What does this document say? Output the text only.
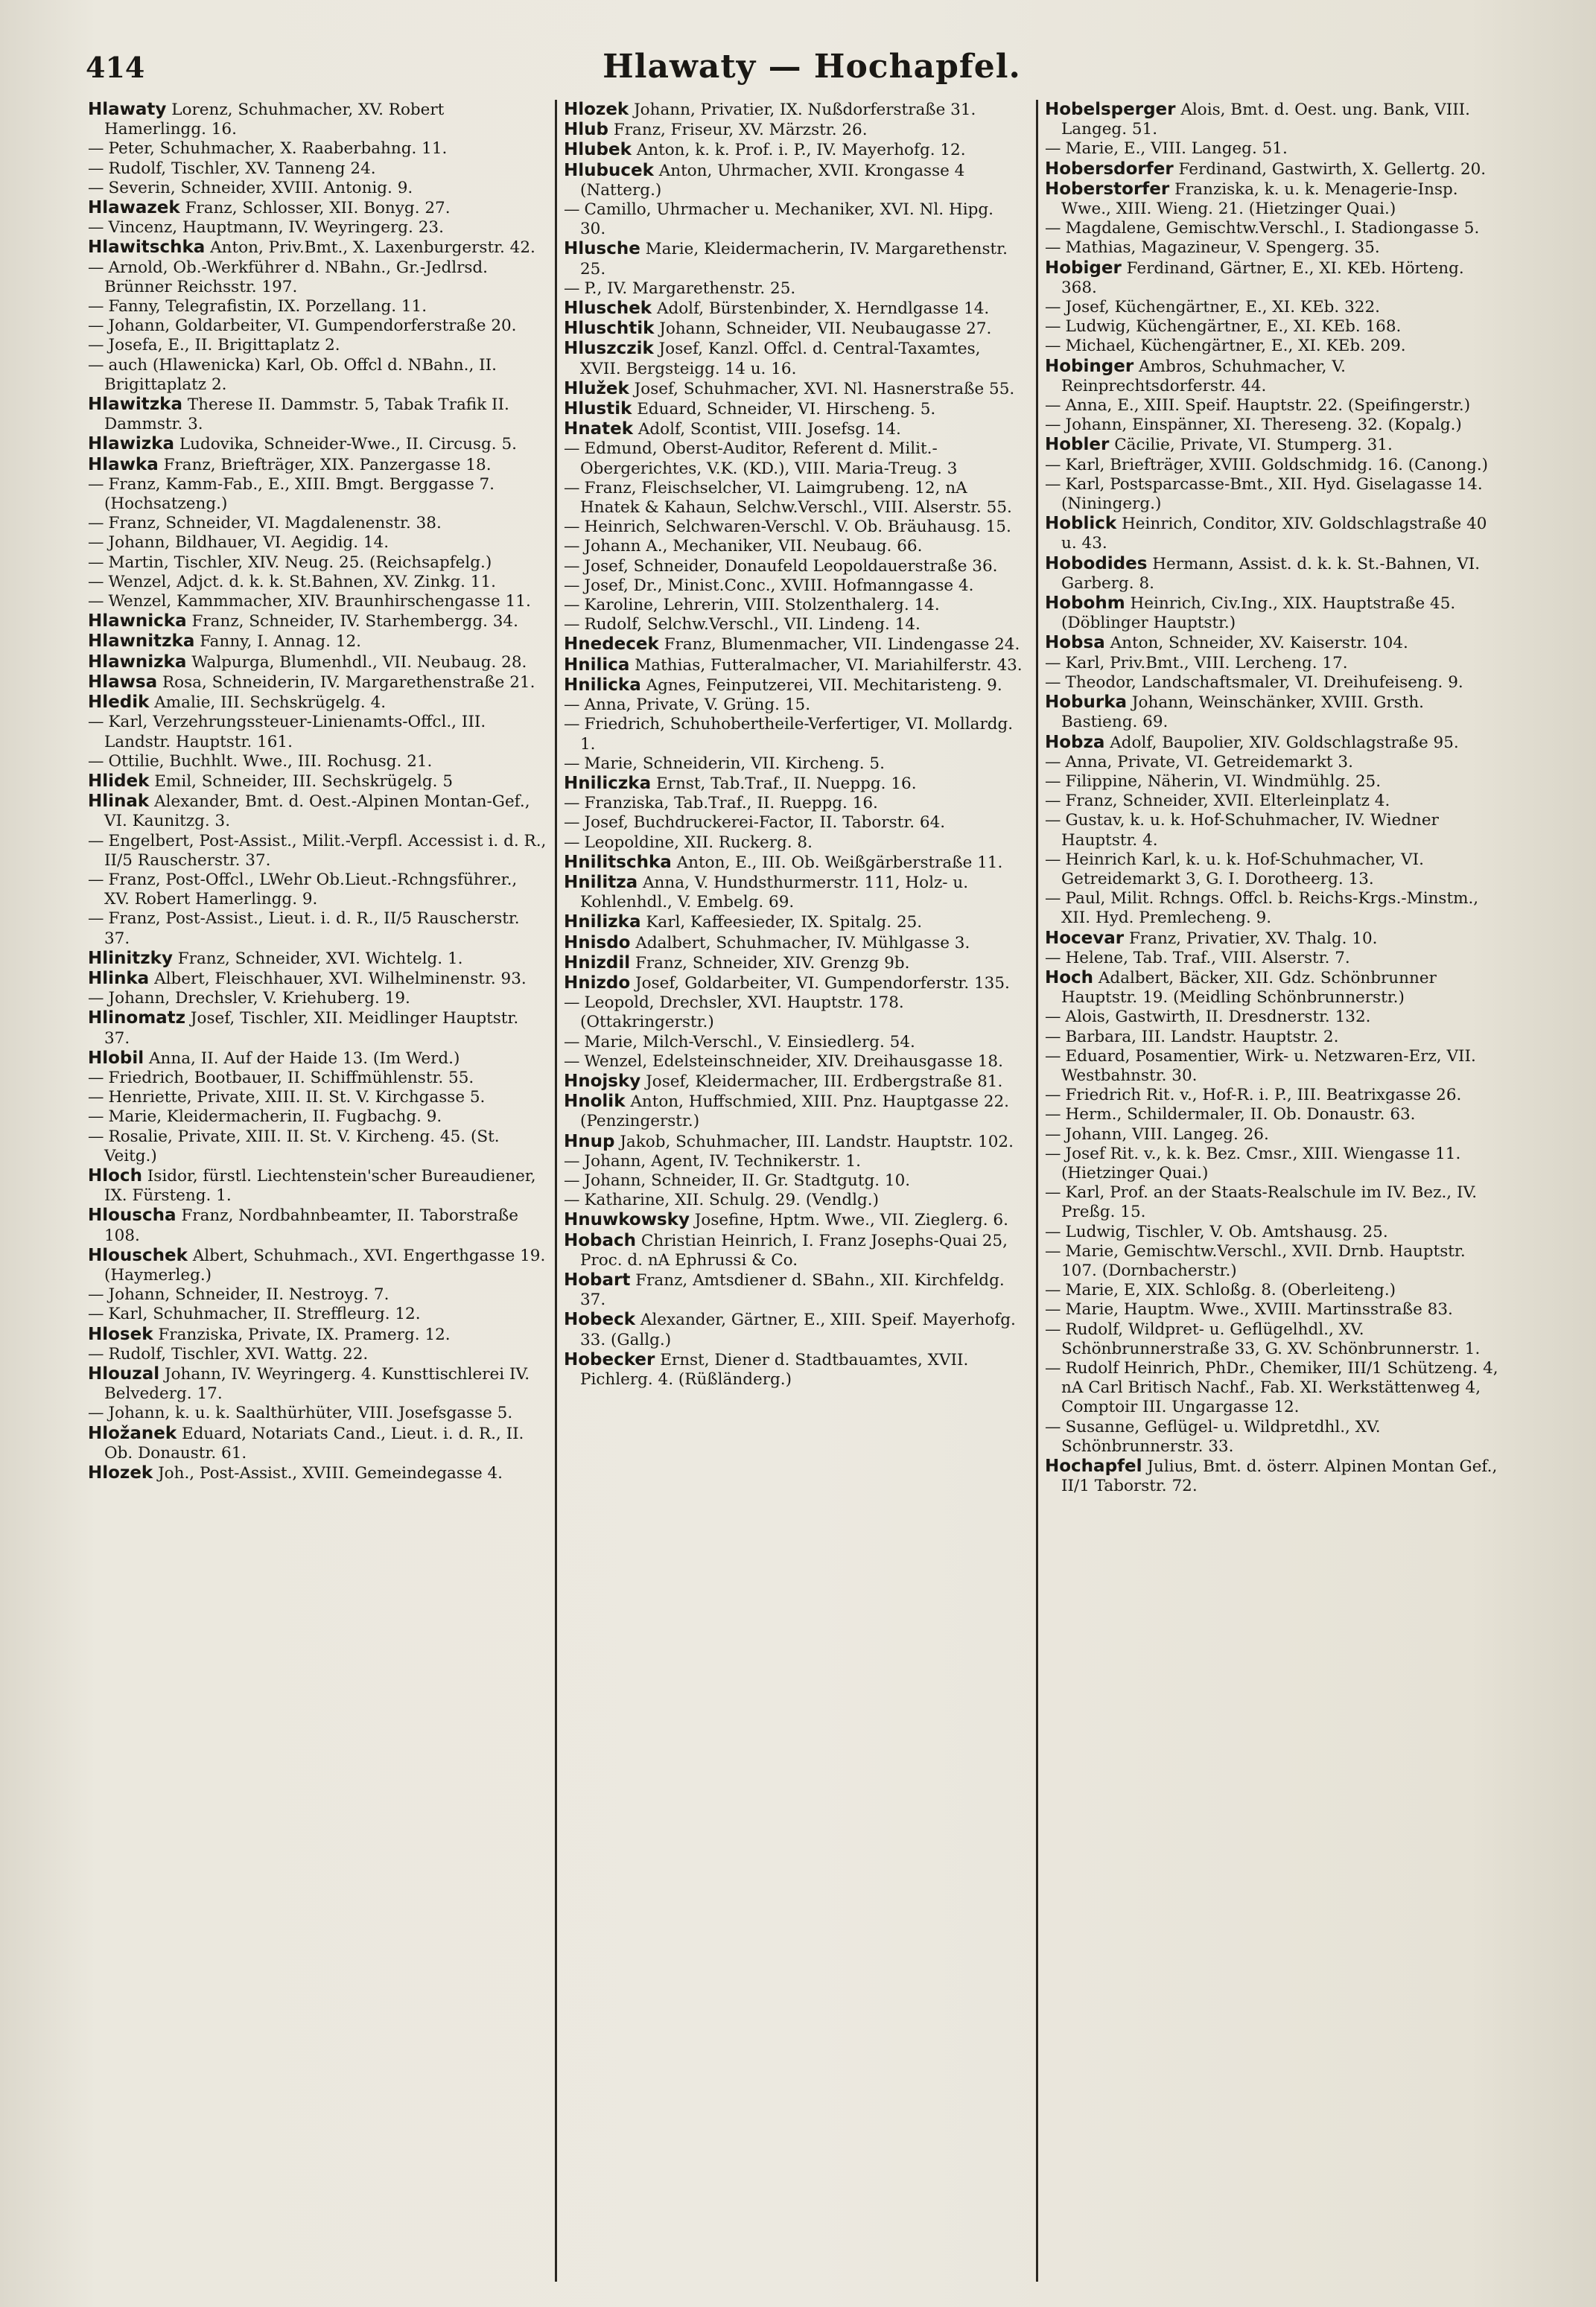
414	Hlawaty — Hochapfel.

Hlawaty Lorenz, Schuhmacher, XV. Robert Hamerlingg. 16.

— Peter, Schuhmacher, X. Raaberbahng. 11.

— Rudolf, Tischler, XV. Tanneng 24.

— Severin, Schneider, XVIII. Antonig. 9.

Hlawazek Franz, Schlosser, XII. Bonyg. 27.

— Vincenz, Hauptmann, IV. Weyringerg. 23.

Hlawitschka Anton, Priv.Bmt., X. Laxenburgerstr. 42.

— Arnold, Ob.-Werkführer d. NBahn., Gr.-Jedlrsd. Brünner Reichsstr. 197.

— Fanny, Telegrafistin, IX. Porzellang. 11.

— Johann, Goldarbeiter, VI. Gumpendorferstraße 20.

— Josefa, E., II. Brigittaplatz 2.

— auch (Hlawenicka) Karl, Ob. Offcl d. NBahn., II. Brigittaplatz 2.

Hlawitzka Therese II. Dammstr. 5, Tabak Trafik II. Dammstr. 3.

Hlawizka Ludovika, Schneider-Wwe., II. Circusg. 5.

Hlawka Franz, Briefträger, XIX. Panzergasse 18.

— Franz, Kamm-Fab., E., XIII. Bmgt. Berggasse 7. (Hochsatzeng.)

— Franz, Schneider, VI. Magdalenenstr. 38.

— Johann, Bildhauer, VI. Aegidig. 14.

— Martin, Tischler, XIV. Neug. 25. (Reichsapfelg.)

— Wenzel, Adjct. d. k. k. St.Bahnen, XV. Zinkg. 11.

— Wenzel, Kammmacher, XIV. Braunhirschengasse 11.

Hlawnicka Franz, Schneider, IV. Starhembergg. 34.

Hlawnitzka Fanny, I. Annag. 12.

Hlawnizka Walpurga, Blumenhdl., VII. Neubaug. 28.

Hlawsa Rosa, Schneiderin, IV. Margarethenstraße 21.

Hledik Amalie, III. Sechskrügelg. 4.

— Karl, Verzehrungssteuer-Linienamts-Offcl., III. Landstr. Hauptstr. 161.

— Ottilie, Buchhlt. Wwe., III. Rochusg. 21.

Hlidek Emil, Schneider, III. Sechskrügelg. 5

Hlinak Alexander, Bmt. d. Oest.-Alpinen Montan-Gef., VI. Kaunitzg. 3.

— Engelbert, Post-Assist., Milit.-Verpfl. Accessist i. d. R., II/5 Rauscherstr. 37.

— Franz, Post-Offcl., LWehr Ob.Lieut.-Rchngsführer., XV. Robert Hamerlingg. 9.

— Franz, Post-Assist., Lieut. i. d. R., II/5 Rauscherstr. 37.

Hlinitzky Franz, Schneider, XVI. Wichtelg. 1.

Hlinka Albert, Fleischhauer, XVI. Wilhelminenstr. 93.

— Johann, Drechsler, V. Kriehuberg. 19.

Hlinomatz Josef, Tischler, XII. Meidlinger Hauptstr. 37.

Hlobil Anna, II. Auf der Haide 13. (Im Werd.)

— Friedrich, Bootbauer, II. Schiffmühlenstr. 55.

— Henriette, Private, XIII. II. St. V. Kirchgasse 5.

— Marie, Kleidermacherin, II. Fugbachg. 9.

— Rosalie, Private, XIII. II. St. V. Kircheng. 45. (St. Veitg.)

Hloch Isidor, fürstl. Liechtenstein'scher Bureaudiener, IX. Fürsteng. 1.

Hlouscha Franz, Nordbahnbeamter, II. Taborstraße 108.

Hlouschek Albert, Schuhmach., XVI. Engerthgasse 19. (Haymerleg.)

— Johann, Schneider, II. Nestroyg. 7.

— Karl, Schuhmacher, II. Streffleurg. 12.

Hlosek Franziska, Private, IX. Pramerg. 12.

— Rudolf, Tischler, XVI. Wattg. 22.

Hlouzal Johann, IV. Weyringerg. 4. Kunsttischlerei IV. Belvederg. 17.

— Johann, k. u. k. Saalthürhüter, VIII. Josefsgasse 5.

Hložanek Eduard, Notariats Cand., Lieut. i. d. R., II. Ob. Donaustr. 61.

Hlozek Joh., Post-Assist., XVIII. Gemeindegasse 4.

Hlozek Johann, Privatier, IX. Nußdorferstraße 31.

Hlub Franz, Friseur, XV. Märzstr. 26.

Hlubek Anton, k. k. Prof. i. P., IV. Mayerhofg. 12.

Hlubucek Anton, Uhrmacher, XVII. Krongasse 4 (Natterg.)

— Camillo, Uhrmacher u. Mechaniker, XVI. Nl. Hipg. 30.

Hlusche Marie, Kleidermacherin, IV. Margarethenstr. 25.

— P., IV. Margarethenstr. 25.

Hluschek Adolf, Bürstenbinder, X. Herndlgasse 14.

Hluschtik Johann, Schneider, VII. Neubaugasse 27.

Hluszczik Josef, Kanzl. Offcl. d. Central-Taxamtes, XVII. Bergsteigg. 14 u. 16.

Hlužek Josef, Schuhmacher, XVI. Nl. Hasnerstraße 55.

Hlustik Eduard, Schneider, VI. Hirscheng. 5.

Hnatek Adolf, Scontist, VIII. Josefsg. 14.

— Edmund, Oberst-Auditor, Referent d. Milit.-Obergerichtes, V.K. (KD.), VIII. Maria-Treug. 3

— Franz, Fleischselcher, VI. Laimgrubeng. 12, nA Hnatek & Kahaun, Selchw.Verschl., VIII. Alserstr. 55.

— Heinrich, Selchwaren-Verschl. V. Ob. Bräuhausg. 15.

— Johann A., Mechaniker, VII. Neubaug. 66.

— Josef, Schneider, Donaufeld Leopoldauerstraße 36.

— Josef, Dr., Minist.Conc., XVIII. Hofmanngasse 4.

— Karoline, Lehrerin, VIII. Stolzenthalerg. 14.

— Rudolf, Selchw.Verschl., VII. Lindeng. 14.

Hnedecek Franz, Blumenmacher, VII. Lindengasse 24.

Hnilica Mathias, Futteralmacher, VI. Mariahilferstr. 43.

Hnilicka Agnes, Feinputzerei, VII. Mechitaristeng. 9.

— Anna, Private, V. Grüng. 15.

— Friedrich, Schuhobertheile-Verfertiger, VI. Mollardg. 1.

— Marie, Schneiderin, VII. Kircheng. 5.

Hniliczka Ernst, Tab.Traf., II. Nueppg. 16.

— Franziska, Tab.Traf., II. Rueppg. 16.

— Josef, Buchdruckerei-Factor, II. Taborstr. 64.

— Leopoldine, XII. Ruckerg. 8.

Hnilitschka Anton, E., III. Ob. Weißgärberstraße 11.

Hnilitza Anna, V. Hundsthurmerstr. 111, Holz- u. Kohlenhdl., V. Embelg. 69.

Hnilizka Karl, Kaffeesieder, IX. Spitalg. 25.

Hnisdo Adalbert, Schuhmacher, IV. Mühlgasse 3.

Hnizdil Franz, Schneider, XIV. Grenzg 9b.

Hnizdo Josef, Goldarbeiter, VI. Gumpendorferstr. 135.

— Leopold, Drechsler, XVI. Hauptstr. 178. (Ottakringerstr.)

— Marie, Milch-Verschl., V. Einsiedlerg. 54.

— Wenzel, Edelsteinschneider, XIV. Dreihausgasse 18.

Hnojsky Josef, Kleidermacher, III. Erdbergstraße 81.

Hnolik Anton, Huffschmied, XIII. Pnz. Hauptgasse 22. (Penzingerstr.)

Hnup Jakob, Schuhmacher, III. Landstr. Hauptstr. 102.

— Johann, Agent, IV. Technikerstr. 1.

— Johann, Schneider, II. Gr. Stadtgutg. 10.

— Katharine, XII. Schulg. 29. (Vendlg.)

Hnuwkowsky Josefine, Hptm. Wwe., VII. Zieglerg. 6.

Hobach Christian Heinrich, I. Franz Josephs-Quai 25, Proc. d. nA Ephrussi & Co.

Hobart Franz, Amtsdiener d. SBahn., XII. Kirchfeldg. 37.

Hobeck Alexander, Gärtner, E., XIII. Speif. Mayerhofg. 33. (Gallg.)

Hobecker Ernst, Diener d. Stadtbauamtes, XVII. Pichlerg. 4. (Rüßländerg.)

Hobelsperger Alois, Bmt. d. Oest. ung. Bank, VIII. Langeg. 51.

— Marie, E., VIII. Langeg. 51.

Hobersdorfer Ferdinand, Gastwirth, X. Gellertg. 20.

Hoberstorfer Franziska, k. u. k. Menagerie-Insp. Wwe., XIII. Wieng. 21. (Hietzinger Quai.)

— Magdalene, Gemischtw.Verschl., I. Stadiongasse 5.

— Mathias, Magazineur, V. Spengerg. 35.

Hobiger Ferdinand, Gärtner, E., XI. KEb. Hörteng. 368.

— Josef, Küchengärtner, E., XI. KEb. 322.

— Ludwig, Küchengärtner, E., XI. KEb. 168.

— Michael, Küchengärtner, E., XI. KEb. 209.

Hobinger Ambros, Schuhmacher, V. Reinprechtsdorferstr. 44.

— Anna, E., XIII. Speif. Hauptstr. 22. (Speifingerstr.)

— Johann, Einspänner, XI. Thereseng. 32. (Kopalg.)

Hobler Cäcilie, Private, VI. Stumperg. 31.

— Karl, Briefträger, XVIII. Goldschmidg. 16. (Canong.)

— Karl, Postsparcasse-Bmt., XII. Hyd. Giselagasse 14. (Niningerg.)

Hoblick Heinrich, Conditor, XIV. Goldschlagstraße 40 u. 43.

Hobodides Hermann, Assist. d. k. k. St.-Bahnen, VI. Garberg. 8.

Hobohm Heinrich, Civ.Ing., XIX. Hauptstraße 45. (Döblinger Hauptstr.)

Hobsa Anton, Schneider, XV. Kaiserstr. 104.

— Karl, Priv.Bmt., VIII. Lercheng. 17.

— Theodor, Landschaftsmaler, VI. Dreihufeiseng. 9.

Hoburka Johann, Weinschänker, XVIII. Grsth. Bastieng. 69.

Hobza Adolf, Baupolier, XIV. Goldschlagstraße 95.

— Anna, Private, VI. Getreidemarkt 3.

— Filippine, Näherin, VI. Windmühlg. 25.

— Franz, Schneider, XVII. Elterleinplatz 4.

— Gustav, k. u. k. Hof-Schuhmacher, IV. Wiedner Hauptstr. 4.

— Heinrich Karl, k. u. k. Hof-Schuhmacher, VI. Getreidemarkt 3, G. I. Dorotheerg. 13.

— Paul, Milit. Rchngs. Offcl. b. Reichs-Krgs.-Minstm., XII. Hyd. Premlecheng. 9.

Hocevar Franz, Privatier, XV. Thalg. 10.

— Helene, Tab. Traf., VIII. Alserstr. 7.

Hoch Adalbert, Bäcker, XII. Gdz. Schönbrunner Hauptstr. 19. (Meidling Schönbrunnerstr.)

— Alois, Gastwirth, II. Dresdnerstr. 132.

— Barbara, III. Landstr. Hauptstr. 2.

— Eduard, Posamentier, Wirk- u. Netzwaren-Erz, VII. Westbahnstr. 30.

— Friedrich Rit. v., Hof-R. i. P., III. Beatrixgasse 26.

— Herm., Schildermaler, II. Ob. Donaustr. 63.

— Johann, VIII. Langeg. 26.

— Josef Rit. v., k. k. Bez. Cmsr., XIII. Wiengasse 11. (Hietzinger Quai.)

— Karl, Prof. an der Staats-Realschule im IV. Bez., IV. Preßg. 15.

— Ludwig, Tischler, V. Ob. Amtshausg. 25.

— Marie, Gemischtw.Verschl., XVII. Drnb. Hauptstr. 107. (Dornbacherstr.)

— Marie, E, XIX. Schloßg. 8. (Oberleiteng.)

— Marie, Hauptm. Wwe., XVIII. Martinsstraße 83.

— Rudolf, Wildpret- u. Geflügelhdl., XV. Schönbrunnerstraße 33, G. XV. Schönbrunnerstr. 1.

— Rudolf Heinrich, PhDr., Chemiker, III/1 Schützeng. 4, nA Carl Britisch Nachf., Fab. XI. Werkstättenweg 4, Comptoir III. Ungargasse 12.

— Susanne, Geflügel- u. Wildpretdhl., XV. Schönbrunnerstr. 33.

Hochapfel Julius, Bmt. d. österr. Alpinen Montan Gef., II/1 Taborstr. 72.
